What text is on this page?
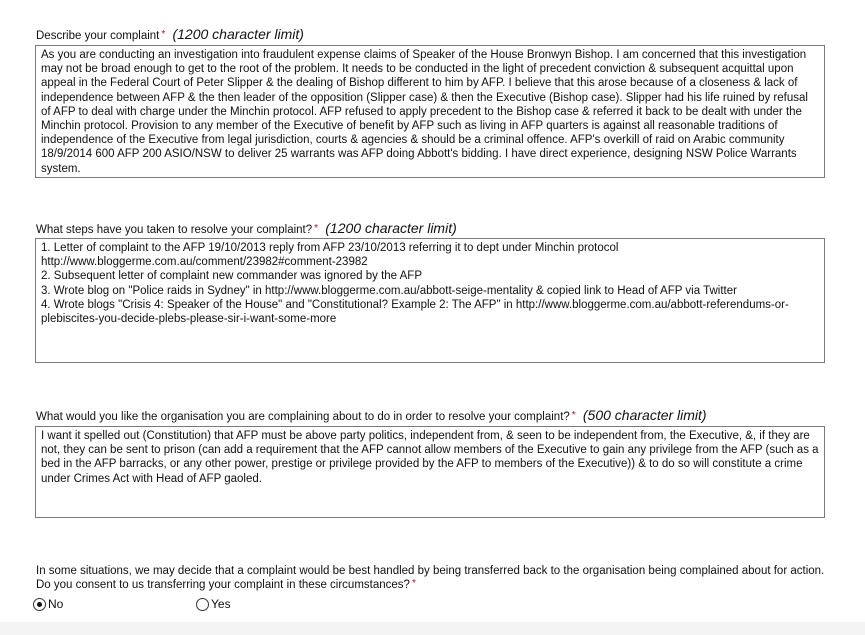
Describe your complaint * (1200 character limit)
As you are conducting an investigation into fraudulent expense claims of Speaker of the House Bronwyn Bishop. I am concerned that this investigation may not be broad enough to get to the root of the problem. It needs to be conducted in the light of precedent conviction & subsequent acquittal upon appeal in the Federal Court of Peter Slipper & the dealing of Bishop different to him by AFP. I believe that this arose because of a closeness & lack of independence between AFP & the then leader of the opposition (Slipper case) & then the Executive (Bishop case). Slipper had his life ruined by refusal of AFP to deal with charge under the Minchin protocol. AFP refused to apply precedent to the Bishop case & referred it back to be dealt with under the Minchin protocol. Provision to any member of the Executive of benefit by AFP such as living in AFP quarters is against all reasonable traditions of independence of the Executive from legal jurisdiction, courts & agencies & should be a criminal offence. AFP's overkill of raid on Arabic community 18/9/2014 600 AFP 200 ASIO/NSW to deliver 25 warrants was AFP doing Abbott's bidding. I have direct experience, designing NSW Police Warrants system.
What steps have you taken to resolve your complaint? * (1200 character limit)
1. Letter of complaint to the AFP 19/10/2013 reply from AFP 23/10/2013 referring it to dept under Minchin protocol http://www.bloggerme.com.au/comment/23982#comment-23982
2. Subsequent letter of complaint new commander was ignored by the AFP
3. Wrote blog on "Police raids in Sydney" in http://www.bloggerme.com.au/abbott-seige-mentality & copied link to Head of AFP via Twitter
4. Wrote blogs "Crisis 4: Speaker of the House" and "Constitutional? Example 2: The AFP" in http://www.bloggerme.com.au/abbott-referendums-or-plebiscites-you-decide-plebs-please-sir-i-want-some-more
What would you like the organisation you are complaining about to do in order to resolve your complaint? * (500 character limit)
I want it spelled out (Constitution) that AFP must be above party politics, independent from, & seen to be independent from, the Executive, &, if they are not, they can be sent to prison (can add a requirement that the AFP cannot allow members of the Executive to gain any privilege from the AFP (such as a bed in the AFP barracks, or any other power, prestige or privilege provided by the AFP to members of the Executive)) & to do so will constitute a crime under Crimes Act with Head of AFP gaoled.
In some situations, we may decide that a complaint would be best handled by being transferred back to the organisation being complained about for action. Do you consent to us transferring your complaint in these circumstances? *
No	Yes
